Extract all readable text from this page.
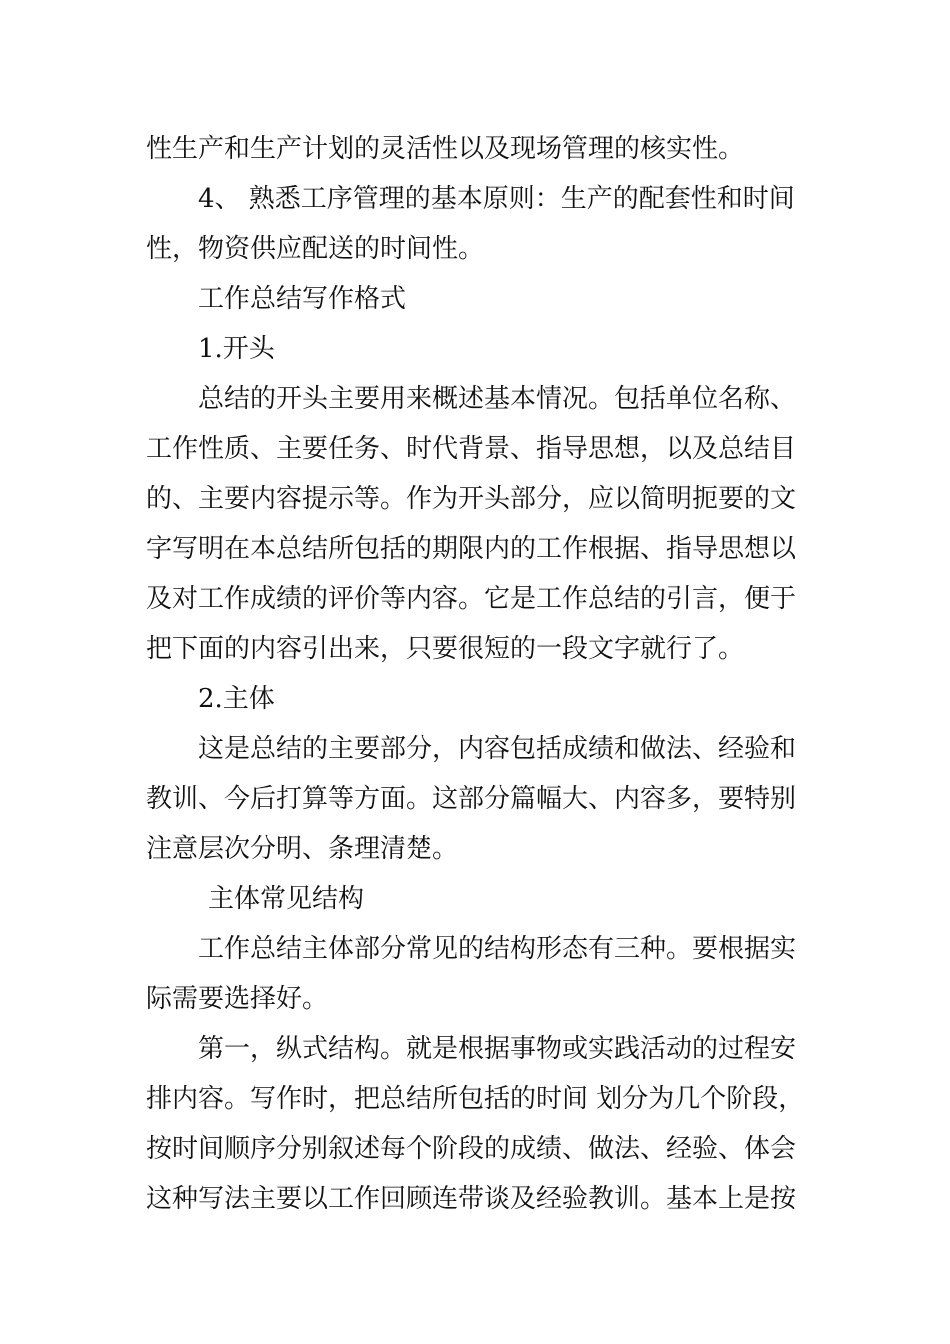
性生产和生产计划的灵活性以及现场管理的核实性。
4、 熟悉工序管理的基本原则：生产的配套性和时间
性，物资供应配送的时间性。
工作总结写作格式
1.开头
总结的开头主要用来概述基本情况。包括单位名称、
工作性质、主要任务、时代背景、指导思想，以及总结目
的、主要内容提示等。作为开头部分，应以简明扼要的文
字写明在本总结所包括的期限内的工作根据、指导思想以
及对工作成绩的评价等内容。它是工作总结的引言，便于
把下面的内容引出来，只要很短的一段文字就行了。
2.主体
这是总结的主要部分，内容包括成绩和做法、经验和
教训、今后打算等方面。这部分篇幅大、内容多，要特别
注意层次分明、条理清楚。
主体常见结构
工作总结主体部分常见的结构形态有三种。要根据实
际需要选择好。
第一，纵式结构。就是根据事物或实践活动的过程安
排内容。写作时，把总结所包括的时间 划分为几个阶段，
按时间顺序分别叙述每个阶段的成绩、做法、经验、体会
这种写法主要以工作回顾连带谈及经验教训。基本上是按
